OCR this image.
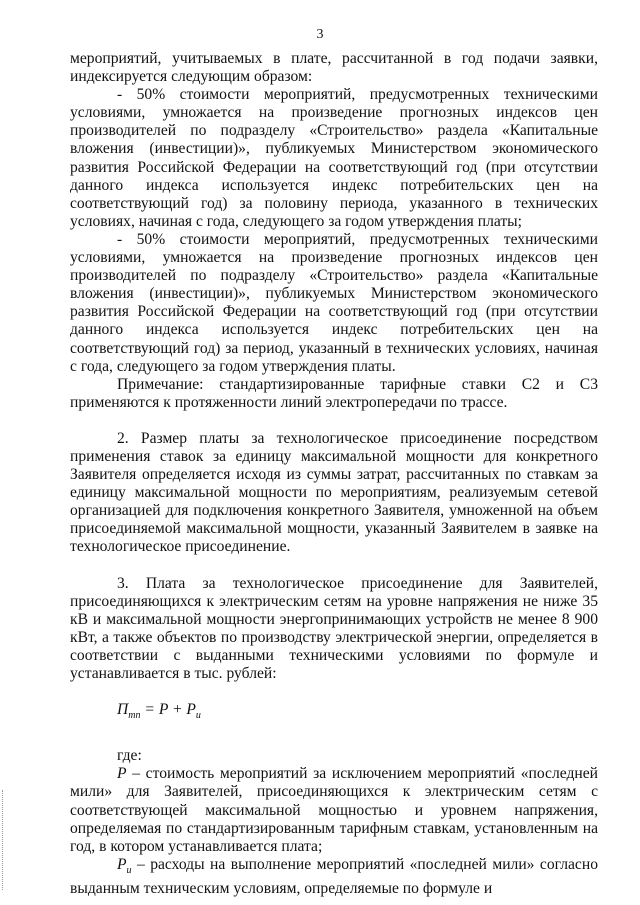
3

мероприятий, учитываемых в плате, рассчитанной в год подачи заявки, индексируется следующим образом:

- 50% стоимости мероприятий, предусмотренных техническими условиями, умножается на произведение прогнозных индексов цен производителей по подразделу «Строительство» раздела «Капитальные вложения (инвестиции)», публикуемых Министерством экономического развития Российской Федерации на соответствующий год (при отсутствии данного индекса используется индекс потребительских цен на соответствующий год) за половину периода, указанного в технических условиях, начиная с года, следующего за годом утверждения платы;

- 50% стоимости мероприятий, предусмотренных техническими условиями, умножается на произведение прогнозных индексов цен производителей по подразделу «Строительство» раздела «Капитальные вложения (инвестиции)», публикуемых Министерством экономического развития Российской Федерации на соответствующий год (при отсутствии данного индекса используется индекс потребительских цен на соответствующий год) за период, указанный в технических условиях, начиная с года, следующего за годом утверждения платы.

Примечание: стандартизированные тарифные ставки С2 и С3 применяются к протяженности линий электропередачи по трассе.

2. Размер платы за технологическое присоединение посредством применения ставок за единицу максимальной мощности для конкретного Заявителя определяется исходя из суммы затрат, рассчитанных по ставкам за единицу максимальной мощности по мероприятиям, реализуемым сетевой организацией для подключения конкретного Заявителя, умноженной на объем присоединяемой максимальной мощности, указанный Заявителем в заявке на технологическое присоединение.

3. Плата за технологическое присоединение для Заявителей, присоединяющихся к электрическим сетям на уровне напряжения не ниже 35 кВ и максимальной мощности энергопринимающих устройств не менее 8 900 кВт, а также объектов по производству электрической энергии, определяется в соответствии с выданными техническими условиями по формуле и устанавливается в тыс. рублей:

$П_{тп} = P + P_и$

где:

P – стоимость мероприятий за исключением мероприятий «последней мили» для Заявителей, присоединяющихся к электрическим сетям с соответствующей максимальной мощностью и уровнем напряжения, определяемая по стандартизированным тарифным ставкам, установленным на год, в котором устанавливается плата;

$P_и$ – расходы на выполнение мероприятий «последней мили» согласно выданным техническим условиям, определяемые по формуле и
